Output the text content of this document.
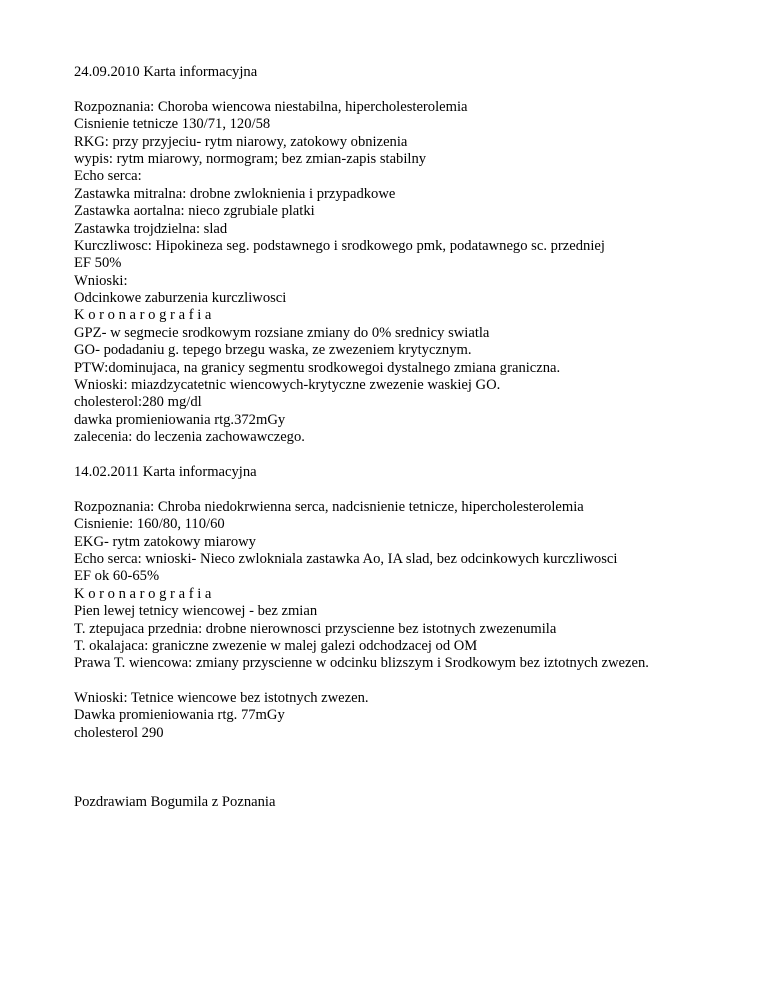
24.09.2010 Karta informacyjna
Rozpoznania: Choroba wiencowa niestabilna, hipercholesterolemia
Cisnienie tetnicze 130/71, 120/58
RKG: przy przyjeciu- rytm niarowy, zatokowy obnizenia
wypis: rytm miarowy, normogram; bez zmian-zapis stabilny
Echo serca:
Zastawka mitralna: drobne zwloknienia i przypadkowe
Zastawka aortalna: nieco zgrubiale platki
Zastawka trojdzielna: slad
Kurczliwosc: Hipokineza seg. podstawnego i srodkowego pmk, podatawnego sc. przedniej
EF 50%
Wnioski:
Odcinkowe zaburzenia kurczliwosci
K o r o n a r o g r a f i a
GPZ- w segmecie srodkowym rozsiane zmiany do 0% srednicy swiatla
GO- podadaniu g. tepego brzegu waska, ze zwezeniem krytycznym.
PTW:dominujaca, na granicy segmentu srodkowegoi dystalnego zmiana graniczna.
Wnioski: miazdzycatetnic wiencowych-krytyczne zwezenie waskiej GO.
cholesterol:280 mg/dl
dawka promieniowania rtg.372mGy
zalecenia: do leczenia zachowawczego.
14.02.2011 Karta informacyjna
Rozpoznania: Chroba niedokrwienna serca, nadcisnienie tetnicze, hipercholesterolemia
Cisnienie: 160/80, 110/60
EKG- rytm zatokowy miarowy
Echo serca: wnioski- Nieco zwlokniala zastawka Ao, IA slad, bez odcinkowych kurczliwosci
EF ok 60-65%
K o r o n a r o g r a f i a
Pien lewej tetnicy wiencowej - bez zmian
T. ztepujaca przednia: drobne nierownosci przyscienne bez istotnych zwezenumila
T. okalajaca: graniczne zwezenie w malej galezi odchodzacej od OM
Prawa T. wiencowa: zmiany przyscienne w odcinku blizszym i Srodkowym bez iztotnych zwezen.
Wnioski: Tetnice wiencowe bez istotnych zwezen.
Dawka promieniowania rtg. 77mGy
cholesterol 290
Pozdrawiam Bogumila z Poznania
